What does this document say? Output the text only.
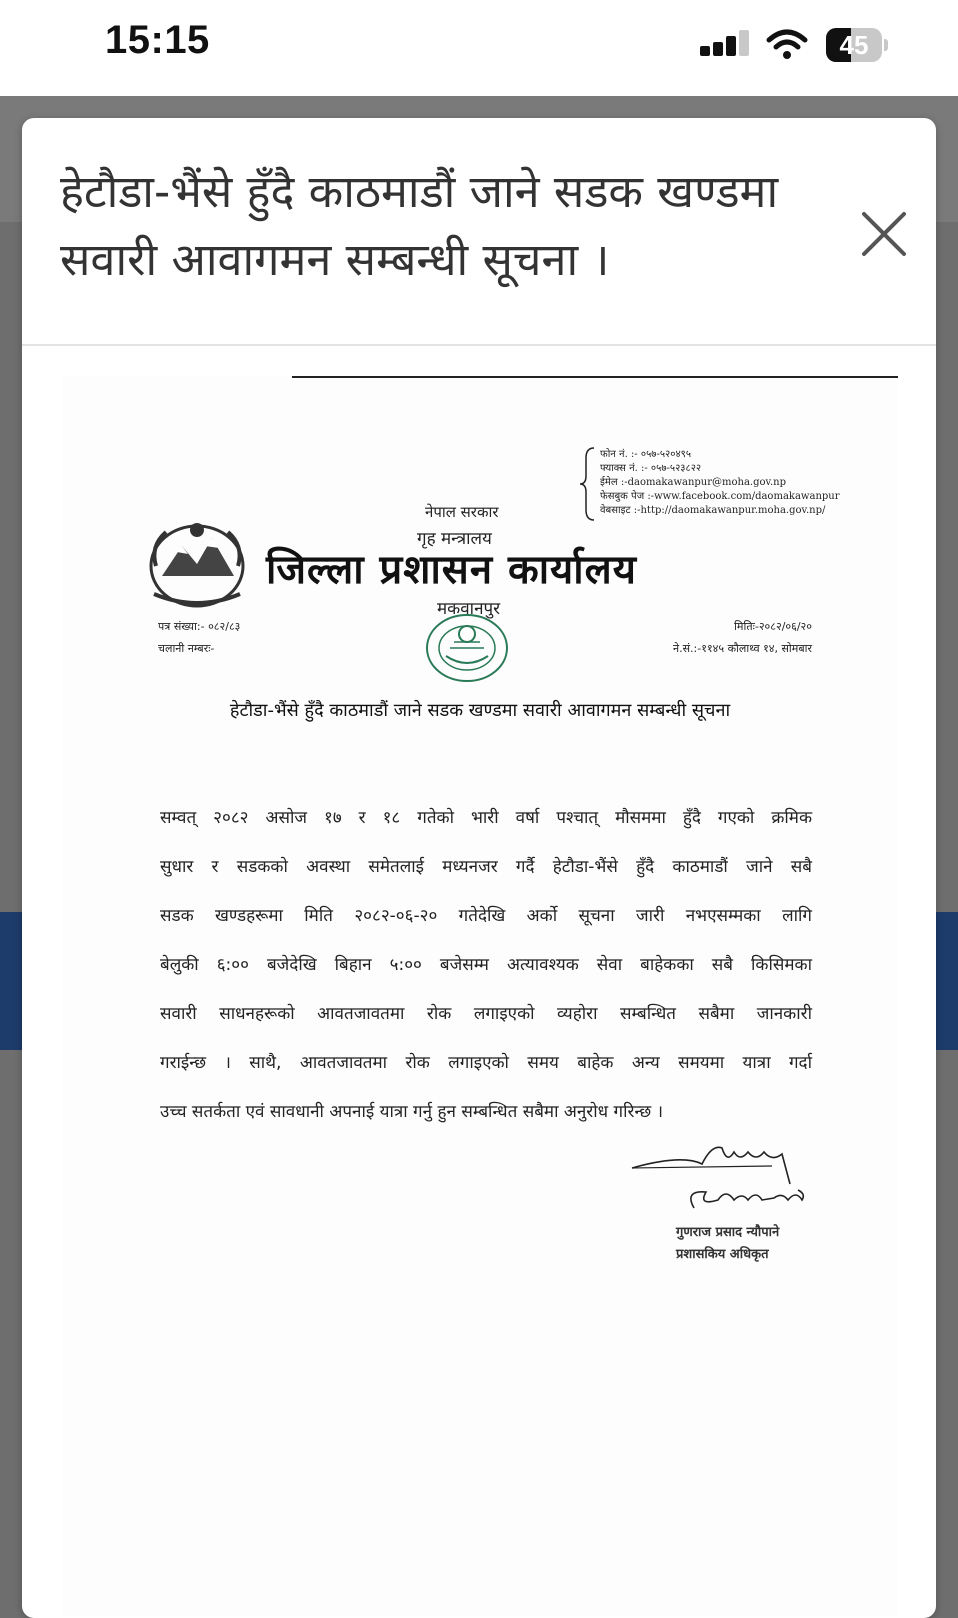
15:15	45
हेटौडा-भैंसे हुँदै काठमाडौं जाने सडक खण्डमा सवारी आवागमन सम्बन्धी सूचना ।
फोन नं. :- ०५७-५२०४९५
फ्याक्स नं. :- ०५७-५२३८२२
ईमेल :-daomakawanpur@moha.gov.np
फेसबुक पेज :-www.facebook.com/daomakawanpur
वेबसाइट :-http://daomakawanpur.moha.gov.np/
नेपाल सरकार
गृह मन्त्रालय
जिल्ला प्रशासन कार्यालय
मकवानपुर
पत्र संख्या:- ०८२/८३
चलानी नम्बरः-
मितिः-२०८२/०६/२०
ने.सं.:-११४५ कौलाथ्व १४, सोमबार
हेटौडा-भैंसे हुँदै काठमाडौं जाने सडक खण्डमा सवारी आवागमन सम्बन्धी सूचना
सम्वत् २०८२ असोज १७ र १८ गतेको भारी वर्षा पश्चात् मौसममा हुँदै गएको क्रमिक
सुधार र सडकको अवस्था समेतलाई मध्यनजर गर्दै हेटौडा-भैंसे हुँदै काठमाडौं जाने सबै
सडक खण्डहरूमा मिति २०८२-०६-२० गतेदेखि अर्को सूचना जारी नभएसम्मका लागि
बेलुकी ६:०० बजेदेखि बिहान ५:०० बजेसम्म अत्यावश्यक सेवा बाहेकका सबै किसिमका
सवारी साधनहरूको आवतजावतमा रोक लगाइएको व्यहोरा सम्बन्धित सबैमा जानकारी
गराईन्छ । साथै, आवतजावतमा रोक लगाइएको समय बाहेक अन्य समयमा यात्रा गर्दा
उच्च सतर्कता एवं सावधानी अपनाई यात्रा गर्नु हुन सम्बन्धित सबैमा अनुरोध गरिन्छ ।
गुणराज प्रसाद न्यौपाने
प्रशासकिय अधिकृत
